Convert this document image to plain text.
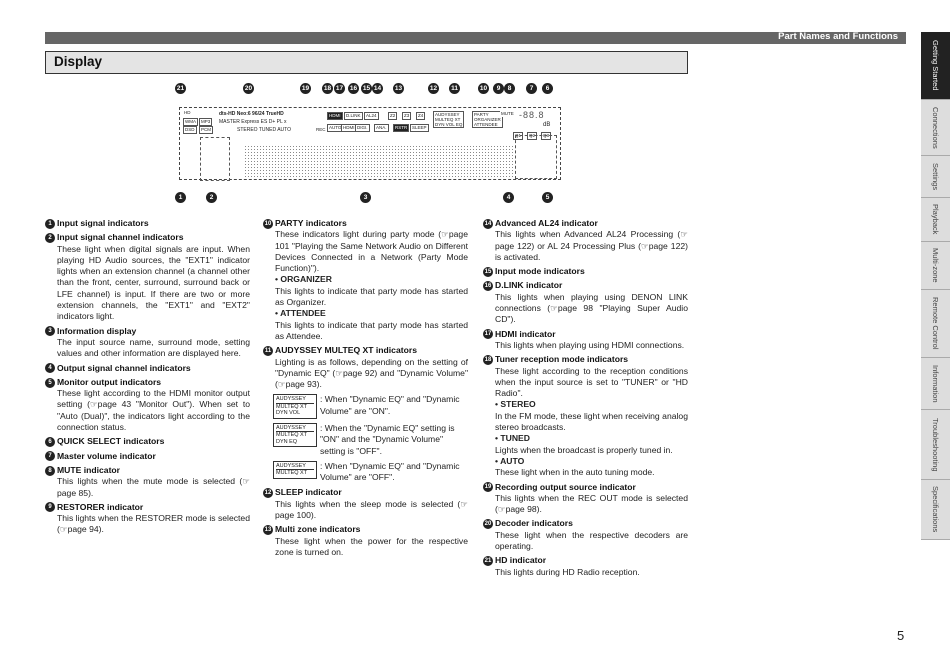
Part Names and Functions
Display	Getting Started
Connections
Settings
Playback
Multi-zone
Remote Control
Information
Troubleshooting
Specifications
21	20	19 18 17 16 15 14 13	12	11	10	9	8	7	6
HD
WMA	MP3
DSD	PCM
dts-HD Neo:6 96/24 TrueHD
MASTER Express ES D+ PL x
STEREO TUNED AUTO	REC
HDMI	D.LINK	AL24	Z2	Z3	Z4
AUTO HDMI DIGI.	ANA.	RSTR	SLEEP
AUDYSSEY
MULTEQ XT
DYN VOL EQ
PARTY
ORGANIZER
ATTENDEE
MUTE -88.8
dB
Q1	Q2	Q3
1	2	3	4	5
1 Input signal indicators
2 Input signal channel indicators
These light when digital signals are input. When playing HD Audio sources, the "EXT1" indicator lights when an extension channel (a channel other than the front, center, surround, surround back or LFE channel) is input. If there are two or more extension channels, the "EXT1" and "EXT2" indicators light.
3 Information display
The input source name, surround mode, setting values and other information are displayed here.
4 Output signal channel indicators
5 Monitor output indicators
These light according to the HDMI monitor output setting (☞page 43 "Monitor Out"). When set to "Auto (Dual)", the indicators light according to the connection status.
6 QUICK SELECT indicators
7 Master volume indicator
8 MUTE indicator
This lights when the mute mode is selected (☞page 85).
9 RESTORER indicator
This lights when the RESTORER mode is selected (☞page 94).
10 PARTY indicators
These indicators light during party mode (☞page 101 "Playing the Same Network Audio on Different Devices Connected in a Network (Party Mode Function)").
• ORGANIZER
This lights to indicate that party mode has started as Organizer.
• ATTENDEE
This lights to indicate that party mode has started as Attendee.
11 AUDYSSEY MULTEQ XT indicators
Lighting is as follows, depending on the setting of "Dynamic EQ" (☞page 92) and "Dynamic Volume" (☞page 93).
AUDYSSEY
MULTEQ XT
DYN VOL
: When "Dynamic EQ" and "Dynamic Volume" are "ON".
AUDYSSEY
MULTEQ XT
DYN EQ
: When the "Dynamic EQ" setting is "ON" and the "Dynamic Volume" setting is "OFF".
AUDYSSEY
MULTEQ XT
: When "Dynamic EQ" and "Dynamic Volume" are "OFF".
12 SLEEP indicator
This lights when the sleep mode is selected (☞page 100).
13 Multi zone indicators
These light when the power for the respective zone is turned on.
14 Advanced AL24 indicator
This lights when Advanced AL24 Processing (☞page 122) or AL 24 Processing Plus (☞page 122) is activated.
15 Input mode indicators
16 D.LINK indicator
This lights when playing using DENON LINK connections (☞page 98 "Playing Super Audio CD").
17 HDMI indicator
This lights when playing using HDMI connections.
18 Tuner reception mode indicators
These light according to the reception conditions when the input source is set to "TUNER" or "HD Radio".
• STEREO
In the FM mode, these light when receiving analog stereo broadcasts.
• TUNED
Lights when the broadcast is properly tuned in.
• AUTO
These light when in the auto tuning mode.
19 Recording output source indicator
This lights when the REC OUT mode is selected (☞page 98).
20 Decoder indicators
These light when the respective decoders are operating.
21 HD indicator
This lights during HD Radio reception.
5
